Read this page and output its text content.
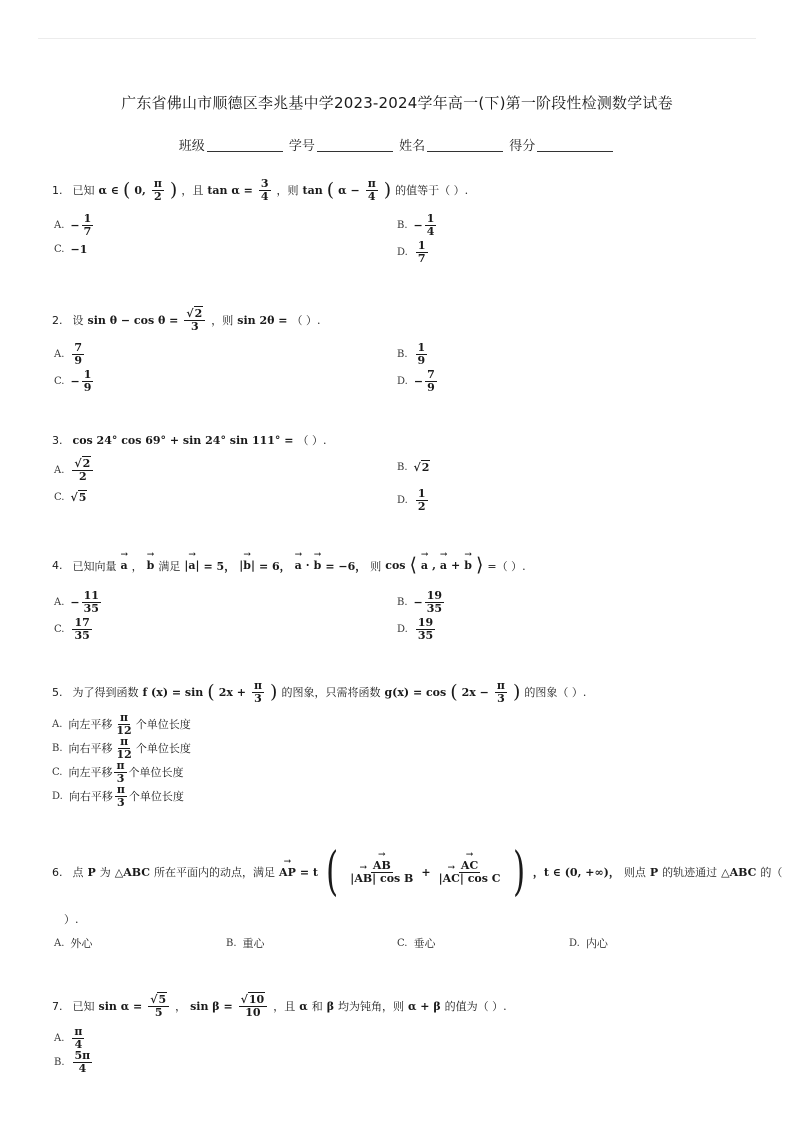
广东省佛山市顺德区李兆基中学2023-2024学年高一(下)第一阶段性检测数学试卷
班级	学号	姓名	得分
1. 已知 α ∈ ( 0,
π
2 ) ，且 $\tan \alpha = \frac{3}{4}$ ，则 tan ( $\alpha - \frac{\pi}{4}$ ) 的值等于（ ）.
A. − $\frac{1}{7}$	B. − $\frac{1}{4}$
C. −1	D.
1
7
2. 设 $\sin \theta - \cos \theta = \frac{√2}{3}$ ，则 sin 2θ = （ ）.
A.
7
9	B.
1
9
C. − $\frac{1}{9}$	D. − $\frac{7}{9}$
3. cos 24° cos 69° + sin 24° sin 111° = （ ）.
A.
√2
2
B. √2
C. √5	D.
1
2
4. 已知向量 → a ， → b 满足 |→ a| = 5， |→ b| = 6， → a · → b = −6， 则 cos ⟨ → a , → a + → b ⟩ =（ ）.
A. − $\frac{11}{35}$	B. − $\frac{19}{35}$
C.
17
35	D.
19
35
5. 为了得到函数 f (x) = sin ( $2x + \frac{\pi}{3}$ ) 的图象，只需将函数 g(x) = cos ( $2x - \frac{\pi}{3}$ ) 的图象（ ）.
A. 向左平移
π
12 个单位长度
B. 向右平移
π
12 个单位长度
C. 向左平移
π
3 个单位长度
D. 向右平移
π
3 个单位长度
6. 点 P 为 △ABC 所在平面内的动点，满足 → AP = t (	→ AB
|→ AB| cos B + → $\frac{AC}{\text{|→ AC| cos C}}$ ) ，t ∈ (0, +∞)， 则点 P 的轨迹通过 △ABC 的（
）.
A. 外心	B. 重心	C. 垂心	D. 内心
7. 已知 $\sin \alpha = \frac{√5}{5}$ ， $\sin \beta = \frac{√10}{10}$ ，且 α 和 β 均为钝角，则 α + β 的值为（ ）.
A.
π
4
B.
5π
4
